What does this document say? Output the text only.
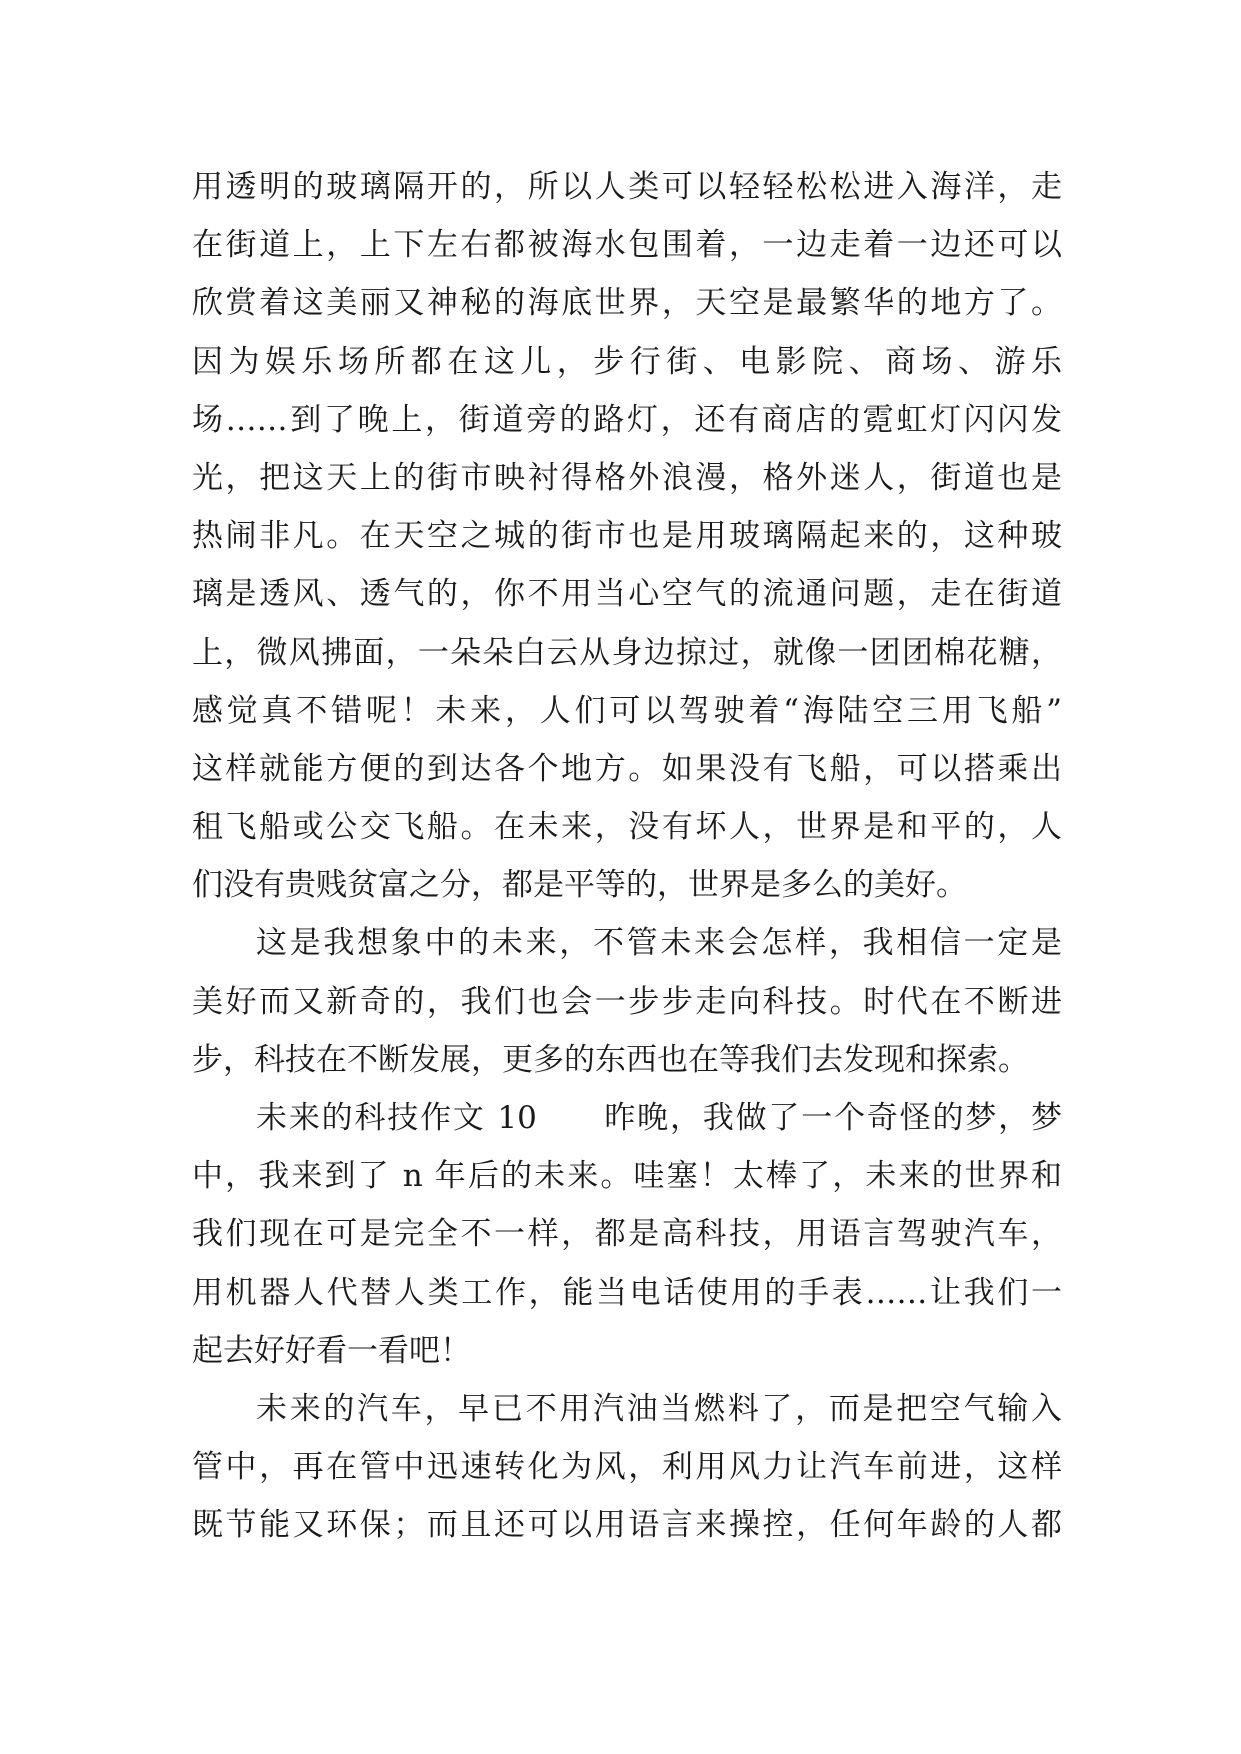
用透明的玻璃隔开的，所以人类可以轻轻松松进入海洋，走
在街道上，上下左右都被海水包围着，一边走着一边还可以
欣赏着这美丽又神秘的海底世界，天空是最繁华的地方了。
因为娱乐场所都在这儿，步行街、电影院、商场、游乐
场……到了晚上，街道旁的路灯，还有商店的霓虹灯闪闪发
光，把这天上的街市映衬得格外浪漫，格外迷人，街道也是
热闹非凡。在天空之城的街市也是用玻璃隔起来的，这种玻
璃是透风、透气的，你不用当心空气的流通问题，走在街道
上，微风拂面，一朵朵白云从身边掠过，就像一团团棉花糖，
感觉真不错呢！未来，人们可以驾驶着“海陆空三用飞船”
这样就能方便的到达各个地方。如果没有飞船，可以搭乘出
租飞船或公交飞船。在未来，没有坏人，世界是和平的，人
们没有贵贱贫富之分，都是平等的，世界是多么的美好。
这是我想象中的未来，不管未来会怎样，我相信一定是
美好而又新奇的，我们也会一步步走向科技。时代在不断进
步，科技在不断发展，更多的东西也在等我们去发现和探索。
未来的科技作文 10　　昨晚，我做了一个奇怪的梦，梦
中，我来到了 n 年后的未来。哇塞！太棒了，未来的世界和
我们现在可是完全不一样，都是高科技，用语言驾驶汽车，
用机器人代替人类工作，能当电话使用的手表……让我们一
起去好好看一看吧！
未来的汽车，早已不用汽油当燃料了，而是把空气输入
管中，再在管中迅速转化为风，利用风力让汽车前进，这样
既节能又环保；而且还可以用语言来操控，任何年龄的人都
